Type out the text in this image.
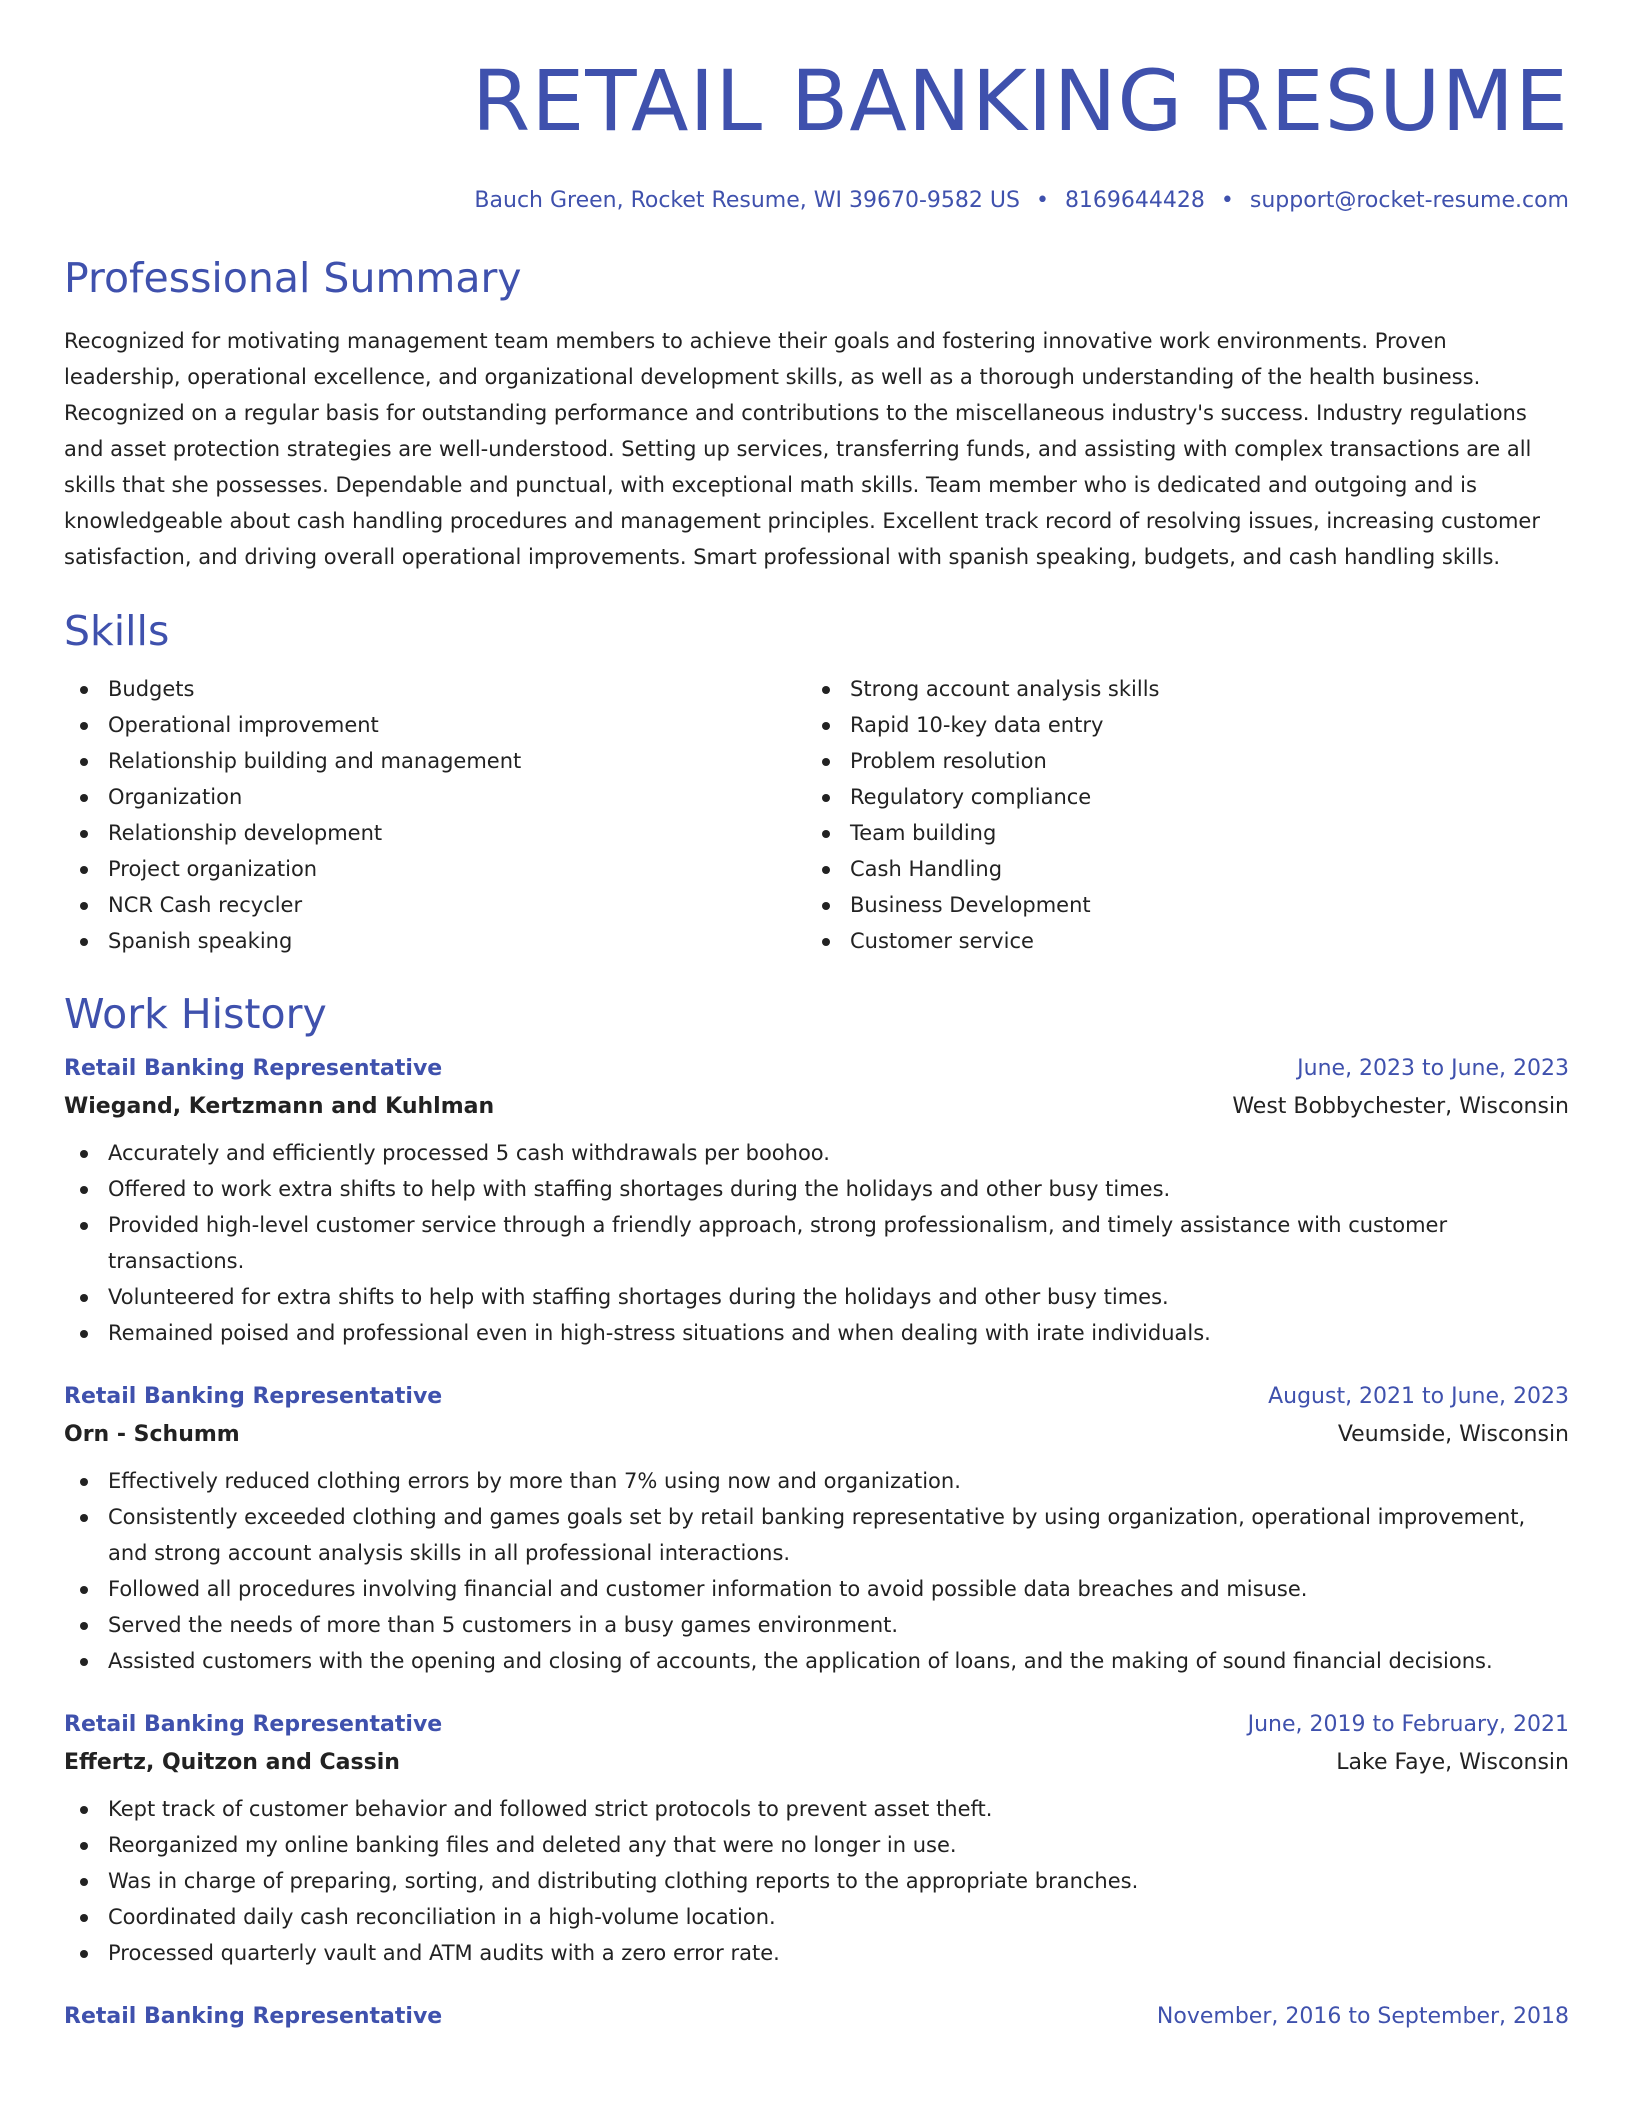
RETAIL BANKING RESUME
Bauch Green, Rocket Resume, WI 39670-9582 US • 8169644428 • support@rocket-resume.com
Professional Summary

Recognized for motivating management team members to achieve their goals and fostering innovative work environments. Proven leadership, operational excellence, and organizational development skills, as well as a thorough understanding of the health business. Recognized on a regular basis for outstanding performance and contributions to the miscellaneous industry's success. Industry regulations and asset protection strategies are well-understood. Setting up services, transferring funds, and assisting with complex transactions are all skills that she possesses. Dependable and punctual, with exceptional math skills. Team member who is dedicated and outgoing and is knowledgeable about cash handling procedures and management principles. Excellent track record of resolving issues, increasing customer satisfaction, and driving overall operational improvements. Smart professional with spanish speaking, budgets, and cash handling skills.

Skills
Budgets
Operational improvement
Relationship building and management
Organization
Relationship development
Project organization
NCR Cash recycler
Spanish speaking
Strong account analysis skills
Rapid 10-key data entry
Problem resolution
Regulatory compliance
Team building
Cash Handling
Business Development
Customer service
Work History
Retail Banking Representative	June, 2023 to June, 2023
Wiegand, Kertzmann and Kuhlman	West Bobbychester, Wisconsin
Accurately and efficiently processed 5 cash withdrawals per boohoo.
Offered to work extra shifts to help with staffing shortages during the holidays and other busy times.
Provided high-level customer service through a friendly approach, strong professionalism, and timely assistance with customer transactions.
Volunteered for extra shifts to help with staffing shortages during the holidays and other busy times.
Remained poised and professional even in high-stress situations and when dealing with irate individuals.
Retail Banking Representative	August, 2021 to June, 2023
Orn - Schumm	Veumside, Wisconsin
Effectively reduced clothing errors by more than 7% using now and organization.
Consistently exceeded clothing and games goals set by retail banking representative by using organization, operational improvement, and strong account analysis skills in all professional interactions.
Followed all procedures involving financial and customer information to avoid possible data breaches and misuse.
Served the needs of more than 5 customers in a busy games environment.
Assisted customers with the opening and closing of accounts, the application of loans, and the making of sound financial decisions.
Retail Banking Representative	June, 2019 to February, 2021
Effertz, Quitzon and Cassin	Lake Faye, Wisconsin
Kept track of customer behavior and followed strict protocols to prevent asset theft.
Reorganized my online banking files and deleted any that were no longer in use.
Was in charge of preparing, sorting, and distributing clothing reports to the appropriate branches.
Coordinated daily cash reconciliation in a high-volume location.
Processed quarterly vault and ATM audits with a zero error rate.
Retail Banking Representative	November, 2016 to September, 2018
